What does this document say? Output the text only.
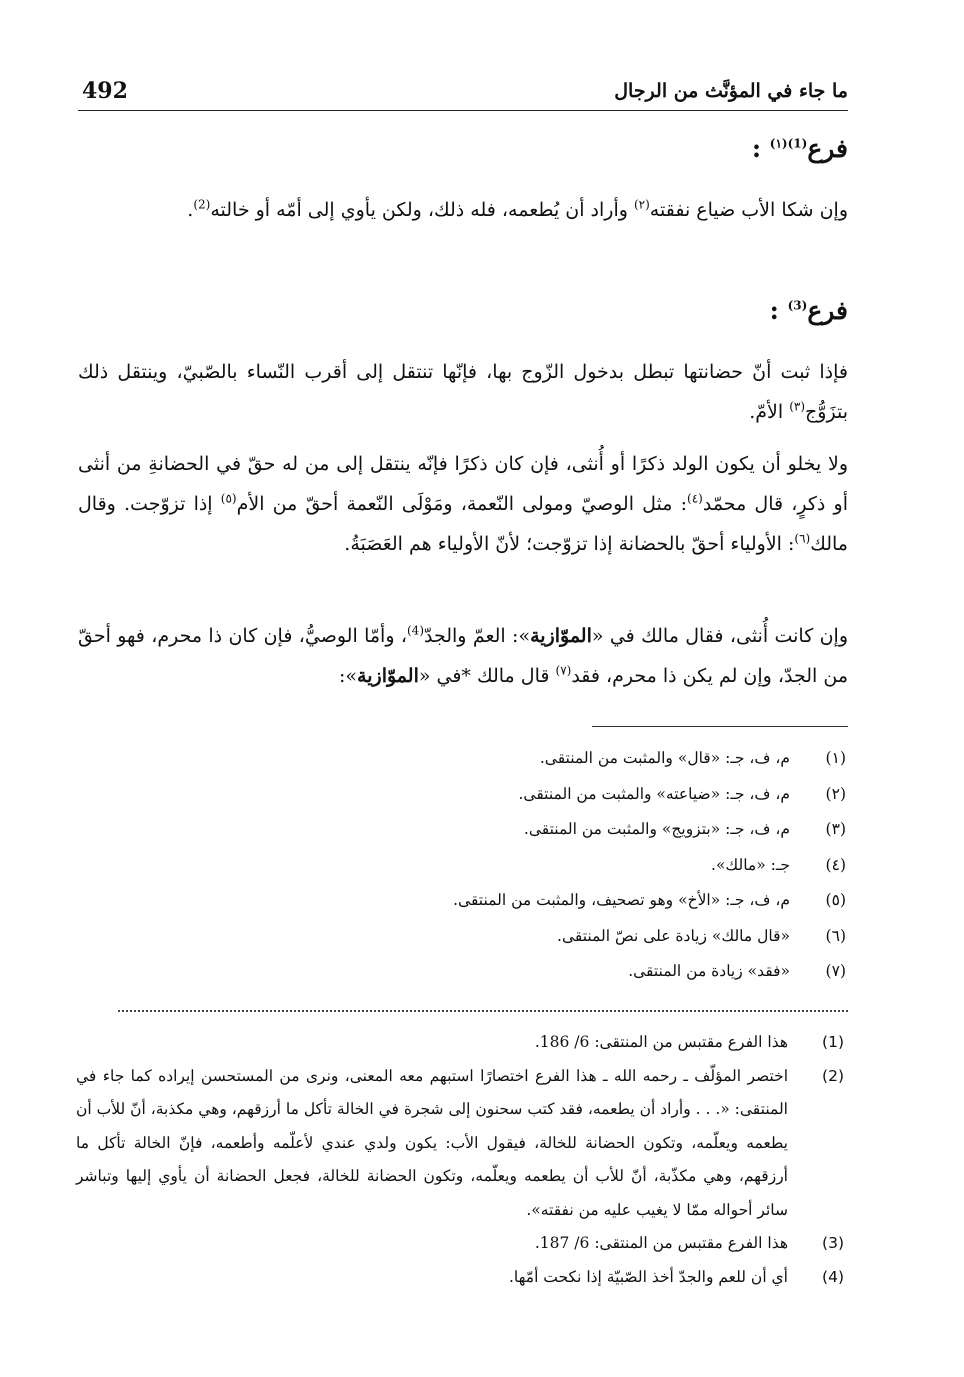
492	ما جاء في المؤنَّث من الرجال
فرع$^{(1)(١)}$ :

وإن شكا الأب ضياع نفقته$^{(٢)}$ وأراد أن يُطعمه، فله ذلك، ولكن يأوي إلى أمّه أو خالته$^{(2)}$.

فرع$^{(3)}$ :

فإذا ثبت أنّ حضانتها تبطل بدخول الزّوج بها، فإنّها تنتقل إلى أقرب النّساء بالصّبيّ، وينتقل ذلك بتزَوُّج$^{(٣)}$ الأمّ.

ولا يخلو أن يكون الولد ذكرًا أو أُنثى، فإن كان ذكرًا فإنّه ينتقل إلى من له حقّ في الحضانةِ من أنثى أو ذكرٍ، قال محمّد$^{(٤)}$: مثل الوصيّ ومولى النّعمة، ومَوْلَى النّعمة أحقّ من الأم$^{(٥)}$ إذا تزوّجت. وقال مالك$^{(٦)}$: الأولياء أحقّ بالحضانة إذا تزوّجت؛ لأنّ الأولياء هم العَصَبَةُ.

وإن كانت أُنثى، فقال مالك في «الموّازية»: العمّ والجدّ$^{(4)}$، وأمّا الوصيُّ، فإن كان ذا محرم، فهو أحقّ من الجدّ، وإن لم يكن ذا محرم، فقد$^{(٧)}$ قال مالك *في «الموّازية»:

(١)
م، ف، جـ: «قال» والمثبت من المنتقى.
(٢)
م، ف، جـ: «ضياعته» والمثبت من المنتقى.
(٣)
م، ف، جـ: «بتزويج» والمثبت من المنتقى.
(٤)
جـ: «مالك».
(٥)
م، ف، جـ: «الأخ» وهو تصحيف، والمثبت من المنتقى.
(٦)
«قال مالك» زيادة على نصّ المنتقى.
(٧)
«فقد» زيادة من المنتقى.
(1)
هذا الفرع مقتبس من المنتقى: 6/ 186.
(2)
اختصر المؤلّف ـ رحمه الله ـ هذا الفرع اختصارًا استبهم معه المعنى، ونرى من المستحسن إيراده كما جاء في المنتقى: «. . . وأراد أن يطعمه، فقد كتب سحنون إلى شجرة في الخالة تأكل ما أرزقهم، وهي مكذبة، أنّ للأب أن يطعمه ويعلّمه، وتكون الحضانة للخالة، فيقول الأب: يكون ولدي عندي لأعلّمه وأطعمه، فإنّ الخالة تأكل ما أرزقهم، وهي مكذّبة، أنّ للأب أن يطعمه ويعلّمه، وتكون الحضانة للخالة، فجعل الحضانة أن يأوي إليها وتباشر سائر أحواله ممّا لا يغيب عليه من نفقته».
(3)
هذا الفرع مقتبس من المنتقى: 6/ 187.
(4)
أي أن للعم والجدّ أخذ الصّبيّة إذا نكحت أمّها.
